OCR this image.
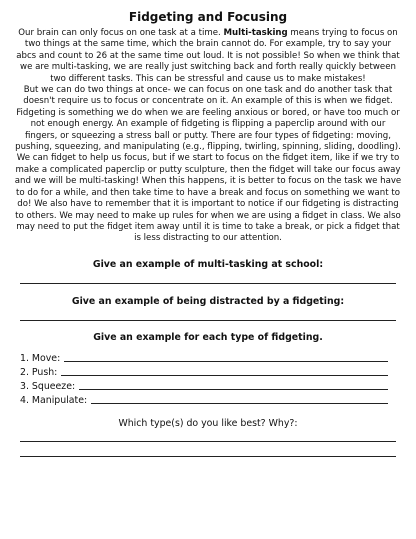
Fidgeting and Focusing

Our brain can only focus on one task at a time. Multi-tasking means trying to focus on two things at the same time, which the brain cannot do. For example, try to say your abcs and count to 26 at the same time out loud. It is not possible! So when we think that we are multi-tasking, we are really just switching back and forth really quickly between two different tasks. This can be stressful and cause us to make mistakes!

But we can do two things at once- we can focus on one task and do another task that doesn't require us to focus or concentrate on it. An example of this is when we fidget. Fidgeting is something we do when we are feeling anxious or bored, or have too much or not enough energy. An example of fidgeting is flipping a paperclip around with our fingers, or squeezing a stress ball or putty. There are four types of fidgeting: moving, pushing, squeezing, and manipulating (e.g., flipping, twirling, spinning, sliding, doodling).

We can fidget to help us focus, but if we start to focus on the fidget item, like if we try to make a complicated paperclip or putty sculpture, then the fidget will take our focus away and we will be multi-tasking! When this happens, it is better to focus on the task we have to do for a while, and then take time to have a break and focus on something we want to do! We also have to remember that it is important to notice if our fidgeting is distracting to others. We may need to make up rules for when we are using a fidget in class. We also may need to put the fidget item away until it is time to take a break, or pick a fidget that is less distracting to our attention.

Give an example of multi-tasking at school:

Give an example of being distracted by a fidgeting:

Give an example for each type of fidgeting.

1. Move:
2. Push:
3. Squeeze:
4. Manipulate:

Which type(s) do you like best? Why?:
